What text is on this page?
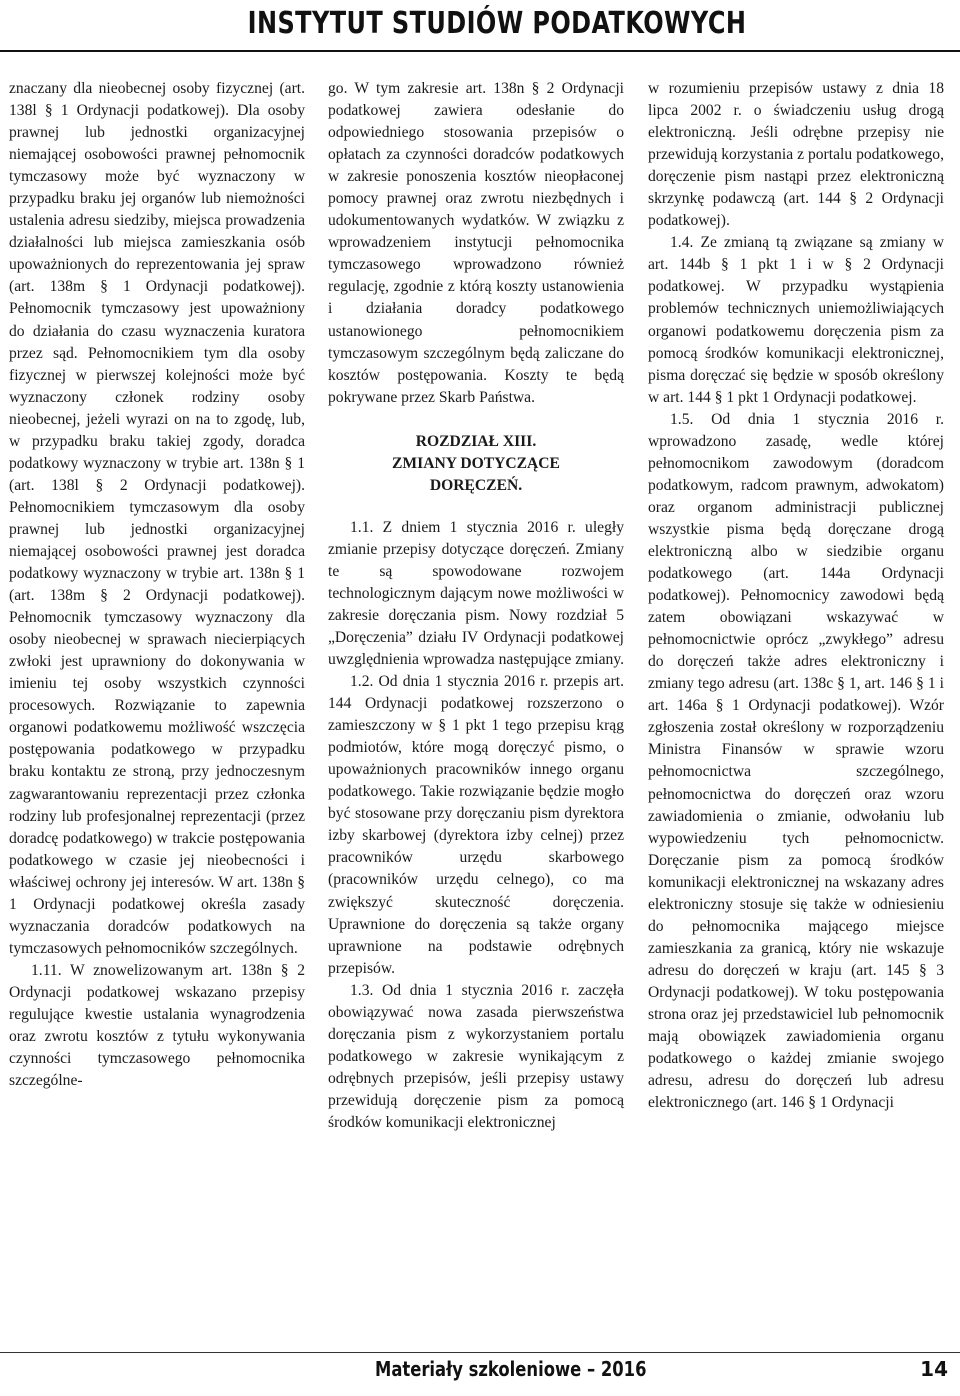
INSTYTUT STUDIÓW PODATKOWYCH

znaczany dla nieobecnej osoby fizycznej (art. 138l § 1 Ordynacji podatkowej). Dla osoby prawnej lub jednostki organizacyjnej niemającej osobowości prawnej pełnomocnik tymczasowy może być wyznaczony w przypadku braku jej organów lub niemożności ustalenia adresu siedziby, miejsca prowadzenia działalności lub miejsca zamieszkania osób upoważnionych do reprezentowania jej spraw (art. 138m § 1 Ordynacji podatkowej). Pełnomocnik tymczasowy jest upoważniony do działania do czasu wyznaczenia kuratora przez sąd. Pełnomocnikiem tym dla osoby fizycznej w pierwszej kolejności może być wyznaczony członek rodziny osoby nieobecnej, jeżeli wyrazi on na to zgodę, lub, w przypadku braku takiej zgody, doradca podatkowy wyznaczony w trybie art. 138n § 1 (art. 138l § 2 Ordynacji podatkowej). Pełnomocnikiem tymczasowym dla osoby prawnej lub jednostki organizacyjnej niemającej osobowości prawnej jest doradca podatkowy wyznaczony w trybie art. 138n § 1 (art. 138m § 2 Ordynacji podatkowej). Pełnomocnik tymczasowy wyznaczony dla osoby nieobecnej w sprawach niecierpiących zwłoki jest uprawniony do dokonywania w imieniu tej osoby wszystkich czynności procesowych. Rozwiązanie to zapewnia organowi podatkowemu możliwość wszczęcia postępowania podatkowego w przypadku braku kontaktu ze stroną, przy jednoczesnym zagwarantowaniu reprezentacji przez członka rodziny lub profesjonalnej reprezentacji (przez doradcę podatkowego) w trakcie postępowania podatkowego w czasie jej nieobecności i właściwej ochrony jej interesów. W art. 138n § 1 Ordynacji podatkowej określa zasady wyznaczania doradców podatkowych na tymczasowych pełnomocników szczególnych.

1.11. W znowelizowanym art. 138n § 2 Ordynacji podatkowej wskazano przepisy regulujące kwestie ustalania wynagrodzenia oraz zwrotu kosztów z tytułu wykonywania czynności tymczasowego pełnomocnika szczególne-

go. W tym zakresie art. 138n § 2 Ordynacji podatkowej zawiera odesłanie do odpowiedniego stosowania przepisów o opłatach za czynności doradców podatkowych w zakresie ponoszenia kosztów nieopłaconej pomocy prawnej oraz zwrotu niezbędnych i udokumentowanych wydatków. W związku z wprowadzeniem instytucji pełnomocnika tymczasowego wprowadzono również regulację, zgodnie z którą koszty ustanowienia i działania doradcy podatkowego ustanowionego pełnomocnikiem tymczasowym szczególnym będą zaliczane do kosztów postępowania. Koszty te będą pokrywane przez Skarb Państwa.

ROZDZIAŁ XIII.
ZMIANY DOTYCZĄCE
DORĘCZEŃ.

1.1. Z dniem 1 stycznia 2016 r. uległy zmianie przepisy dotyczące doręczeń. Zmiany te są spowodowane rozwojem technologicznym dającym nowe możliwości w zakresie doręczania pism. Nowy rozdział 5 „Doręczenia” działu IV Ordynacji podatkowej uwzględnienia wprowadza następujące zmiany.

1.2. Od dnia 1 stycznia 2016 r. przepis art. 144 Ordynacji podatkowej rozszerzono o zamieszczony w § 1 pkt 1 tego przepisu krąg podmiotów, które mogą doręczyć pismo, o upoważnionych pracowników innego organu podatkowego. Takie rozwiązanie będzie mogło być stosowane przy doręczaniu pism dyrektora izby skarbowej (dyrektora izby celnej) przez pracowników urzędu skarbowego (pracowników urzędu celnego), co ma zwiększyć skuteczność doręczenia. Uprawnione do doręczenia są także organy uprawnione na podstawie odrębnych przepisów.

1.3. Od dnia 1 stycznia 2016 r. zaczęła obowiązywać nowa zasada pierwszeństwa doręczania pism z wykorzystaniem portalu podatkowego w zakresie wynikającym z odrębnych przepisów, jeśli przepisy ustawy przewidują doręczenie pism za pomocą środków komunikacji elektronicznej

w rozumieniu przepisów ustawy z dnia 18 lipca 2002 r. o świadczeniu usług drogą elektroniczną. Jeśli odrębne przepisy nie przewidują korzystania z portalu podatkowego, doręczenie pism nastąpi przez elektroniczną skrzynkę podawczą (art. 144 § 2 Ordynacji podatkowej).

1.4. Ze zmianą tą związane są zmiany w art. 144b § 1 pkt 1 i w § 2 Ordynacji podatkowej. W przypadku wystąpienia problemów technicznych uniemożliwiających organowi podatkowemu doręczenia pism za pomocą środków komunikacji elektronicznej, pisma doręczać się będzie w sposób określony w art. 144 § 1 pkt 1 Ordynacji podatkowej.

1.5. Od dnia 1 stycznia 2016 r. wprowadzono zasadę, wedle której pełnomocnikom zawodowym (doradcom podatkowym, radcom prawnym, adwokatom) oraz organom administracji publicznej wszystkie pisma będą doręczane drogą elektroniczną albo w siedzibie organu podatkowego (art. 144a Ordynacji podatkowej). Pełnomocnicy zawodowi będą zatem obowiązani wskazywać w pełnomocnictwie oprócz „zwykłego” adresu do doręczeń także adres elektroniczny i zmiany tego adresu (art. 138c § 1, art. 146 § 1 i art. 146a § 1 Ordynacji podatkowej). Wzór zgłoszenia został określony w rozporządzeniu Ministra Finansów w sprawie wzoru pełnomocnictwa szczególnego, pełnomocnictwa do doręczeń oraz wzoru zawiadomienia o zmianie, odwołaniu lub wypowiedzeniu tych pełnomocnictw. Doręczanie pism za pomocą środków komunikacji elektronicznej na wskazany adres elektroniczny stosuje się także w odniesieniu do pełnomocnika mającego miejsce zamieszkania za granicą, który nie wskazuje adresu do doręczeń w kraju (art. 145 § 3 Ordynacji podatkowej). W toku postępowania strona oraz jej przedstawiciel lub pełnomocnik mają obowiązek zawiadomienia organu podatkowego o każdej zmianie swojego adresu, adresu do doręczeń lub adresu elektronicznego (art. 146 § 1 Ordynacji

Materiały szkoleniowe – 2016	14
